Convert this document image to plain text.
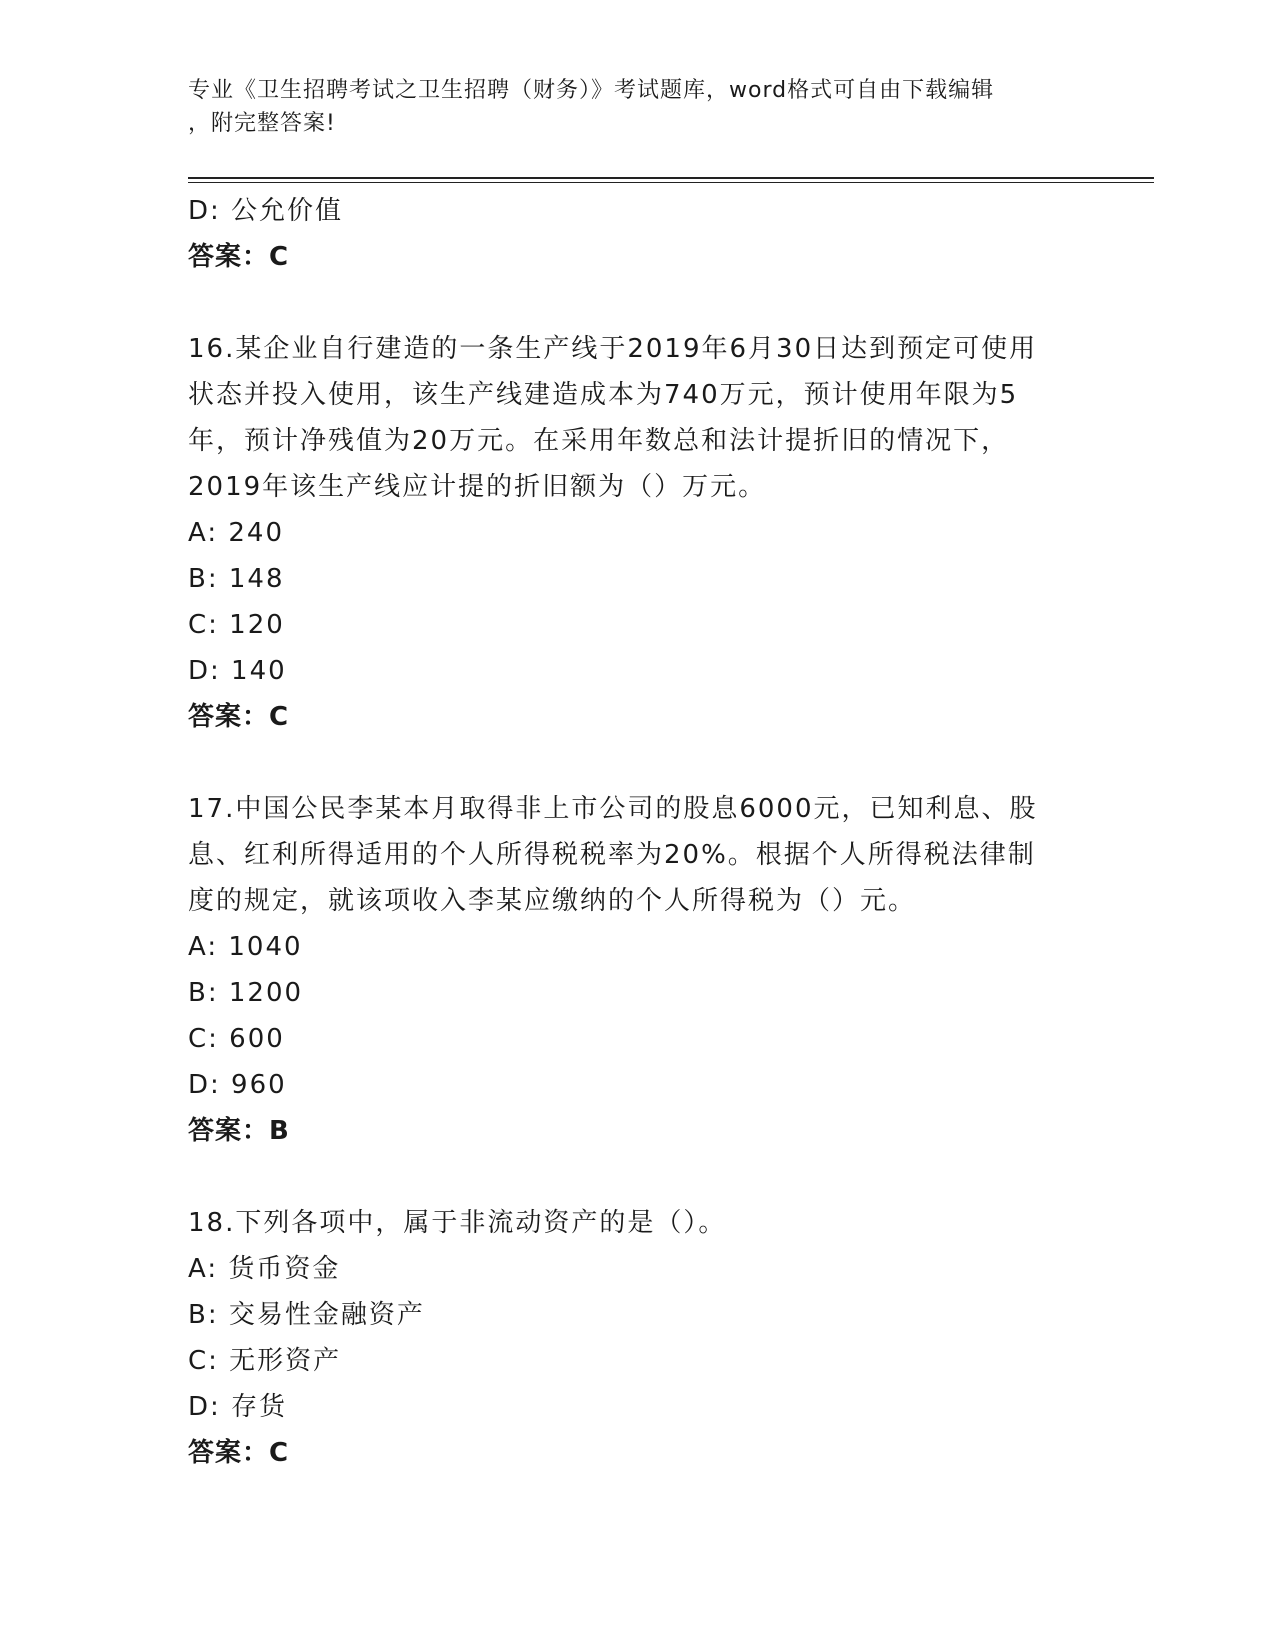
专业《卫生招聘考试之卫生招聘（财务）》考试题库，word格式可自由下载编辑
，附完整答案!
D: 公允价值
答案：C
16.某企业自行建造的一条生产线于2019年6月30日达到预定可使用
状态并投入使用，该生产线建造成本为740万元，预计使用年限为5
年，预计净残值为20万元。在采用年数总和法计提折旧的情况下，
2019年该生产线应计提的折旧额为（）万元。
A: 240
B: 148
C: 120
D: 140
答案：C
17.中国公民李某本月取得非上市公司的股息6000元，已知利息、股
息、红利所得适用的个人所得税税率为20%。根据个人所得税法律制
度的规定，就该项收入李某应缴纳的个人所得税为（）元。
A: 1040
B: 1200
C: 600
D: 960
答案：B
18.下列各项中，属于非流动资产的是（）。
A: 货币资金
B: 交易性金融资产
C: 无形资产
D: 存货
答案：C
